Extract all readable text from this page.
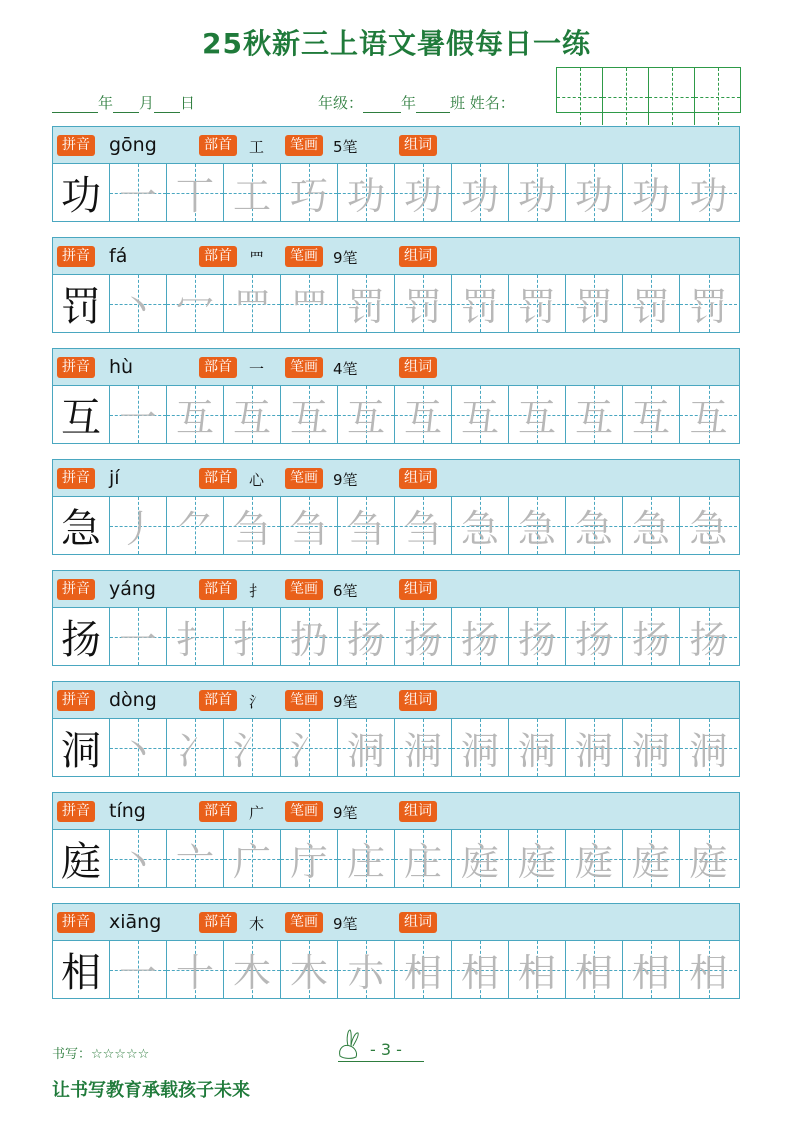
25秋新三上语文暑假每日一练
年 月 日	年级：	年 班 姓名：
拼音 gōng	部首	工	笔画	5笔	组词
功 一 丅 工 巧 功 功 功 功 功 功 功
拼音 fá	部首	罒	笔画	9笔	组词
罚 丶 冖 罒 罒 罚 罚 罚 罚 罚 罚 罚
拼音 hù	部首	一	笔画	4笔	组词
互 一 互 互 互 互 互 互 互 互 互 互
拼音 jí	部首	心	笔画	9笔	组词
急 丿 ⺈ 刍 刍 刍 刍 急 急 急 急 急
拼音 yáng	部首	扌	笔画	6笔	组词
扬 一 扌 扌 扔 扬 扬 扬 扬 扬 扬 扬
拼音 dòng	部首	氵	笔画	9笔	组词
洞 丶 冫 氵 氵 洞 洞 洞 洞 洞 洞 洞
拼音 tíng	部首	广	笔画	9笔	组词
庭 丶 亠 广 庁 庄 庄 庭 庭 庭 庭 庭
拼音 xiāng	部首	木	笔画	9笔	组词
相 一 十 木 木 朩 相 相 相 相 相 相
书写：☆☆☆☆☆	- 3 -
让书写教育承载孩子未来
